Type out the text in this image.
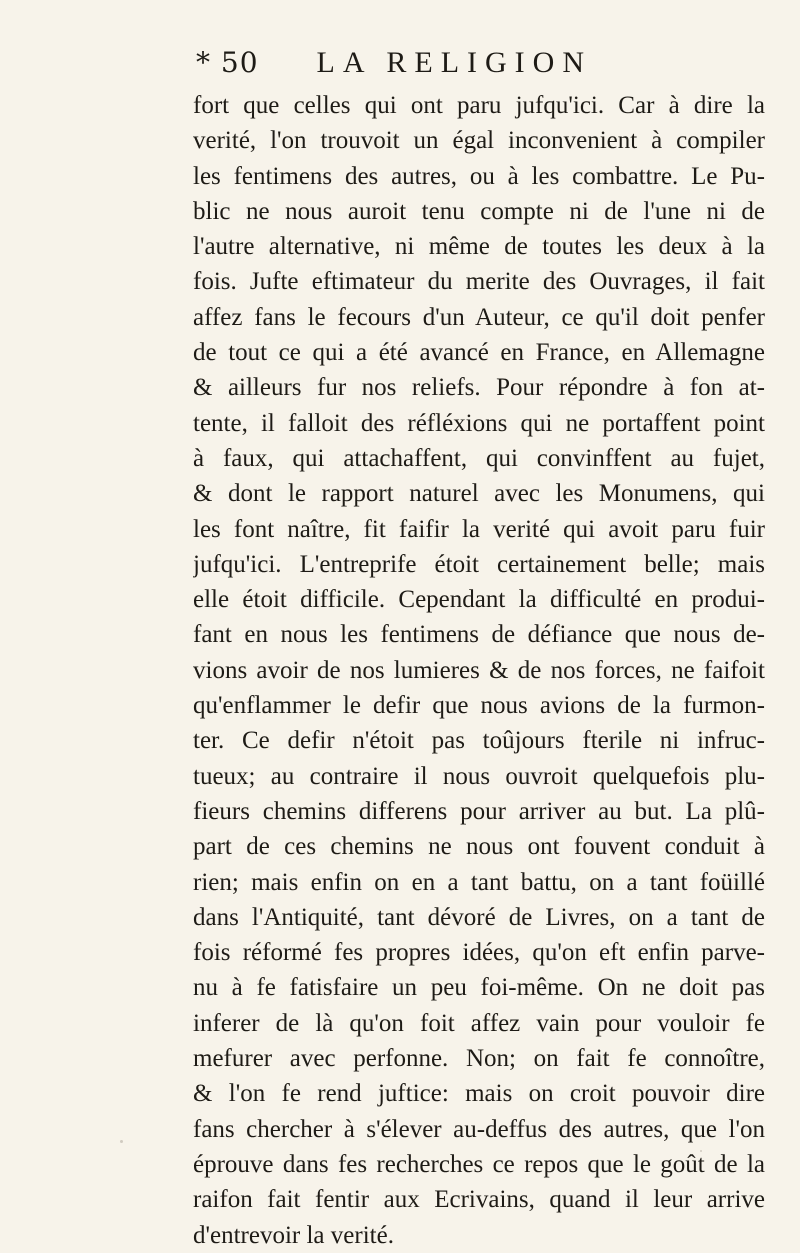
* 50 LA RELIGION
fort que celles qui ont paru jufqu'ici. Car à dire la
verité, l'on trouvoit un égal inconvenient à compiler
les fentimens des autres, ou à les combattre. Le Pu-
blic ne nous auroit tenu compte ni de l'une ni de
l'autre alternative, ni même de toutes les deux à la
fois. Jufte eftimateur du merite des Ouvrages, il fait
affez fans le fecours d'un Auteur, ce qu'il doit penfer
de tout ce qui a été avancé en France, en Allemagne
& ailleurs fur nos reliefs. Pour répondre à fon at-
tente, il falloit des réfléxions qui ne portaffent point
à faux, qui attachaffent, qui convinffent au fujet,
& dont le rapport naturel avec les Monumens, qui
les font naître, fit faifir la verité qui avoit paru fuir
jufqu'ici. L'entreprife étoit certainement belle; mais
elle étoit difficile. Cependant la difficulté en produi-
fant en nous les fentimens de défiance que nous de-
vions avoir de nos lumieres & de nos forces, ne faifoit
qu'enflammer le defir que nous avions de la furmon-
ter. Ce defir n'étoit pas toûjours fterile ni infruc-
tueux; au contraire il nous ouvroit quelquefois plu-
fieurs chemins differens pour arriver au but. La plû-
part de ces chemins ne nous ont fouvent conduit à
rien; mais enfin on en a tant battu, on a tant foüillé
dans l'Antiquité, tant dévoré de Livres, on a tant de
fois réformé fes propres idées, qu'on eft enfin parve-
nu à fe fatisfaire un peu foi-même. On ne doit pas
inferer de là qu'on foit affez vain pour vouloir fe
mefurer avec perfonne. Non; on fait fe connoître,
& l'on fe rend juftice: mais on croit pouvoir dire
fans chercher à s'élever au-deffus des autres, que l'on
éprouve dans fes recherches ce repos que le goût de la
raifon fait fentir aux Ecrivains, quand il leur arrive
d'entrevoir la verité.
